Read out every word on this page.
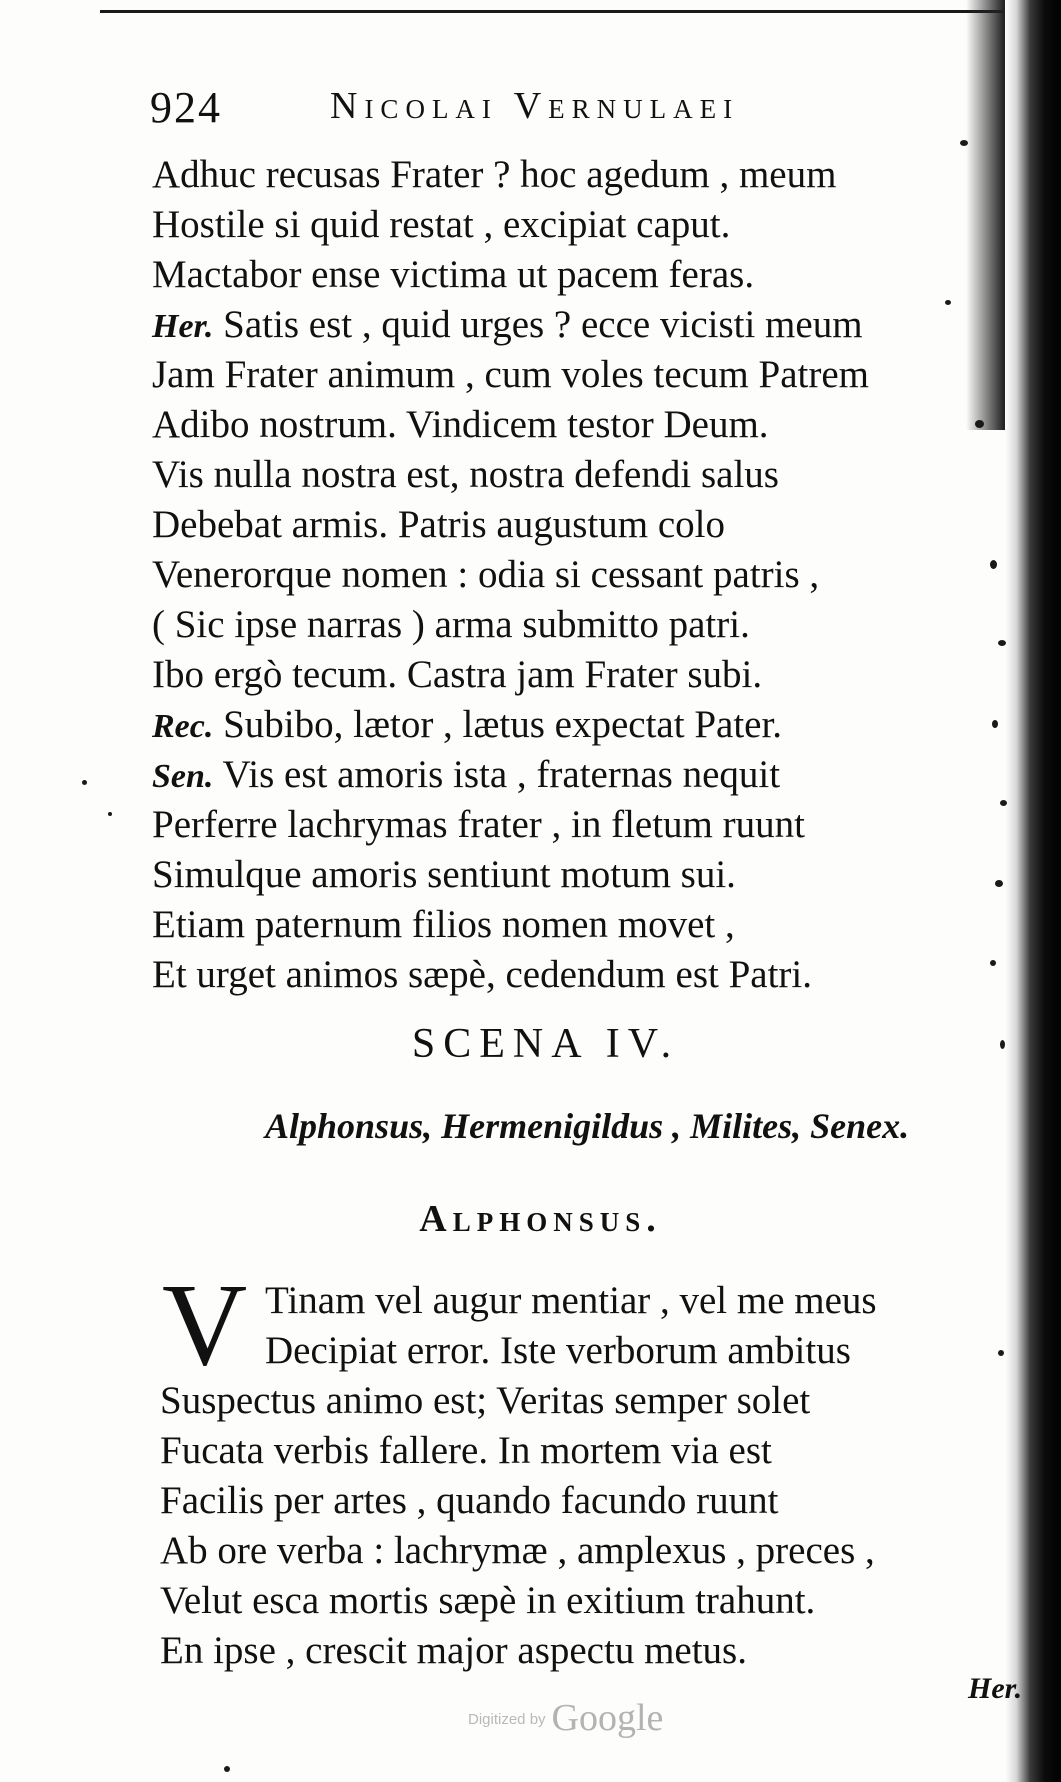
924	Nicolai Vernulaei
Adhuc recusas Frater ? hoc agedum , meum
Hostile si quid restat , excipiat caput.
Mactabor ense victima ut pacem feras.
Her. Satis est , quid urges ? ecce vicisti meum
Jam Frater animum , cum voles tecum Patrem
Adibo nostrum. Vindicem testor Deum.
Vis nulla nostra est, nostra defendi salus
Debebat armis. Patris augustum colo
Venerorque nomen : odia si cessant patris ,
( Sic ipse narras ) arma submitto patri.
Ibo ergò tecum. Castra jam Frater subi.
Rec. Subibo, lætor , lætus expectat Pater.
Sen. Vis est amoris ista , fraternas nequit
Perferre lachrymas frater , in fletum ruunt
Simulque amoris sentiunt motum sui.
Etiam paternum filios nomen movet ,
Et urget animos sæpè, cedendum est Patri.
SCENA IV.
Alphonsus, Hermenigildus , Milites, Senex.
Alphonsus.
V Tinam vel augur mentiar , vel me meus
Decipiat error. Iste verborum ambitus
Suspectus animo est; Veritas semper solet
Fucata verbis fallere. In mortem via est
Facilis per artes , quando facundo ruunt
Ab ore verba : lachrymæ , amplexus , preces ,
Velut esca mortis sæpè in exitium trahunt.
En ipse , crescit major aspectu metus.
Her.
Digitized by Google
